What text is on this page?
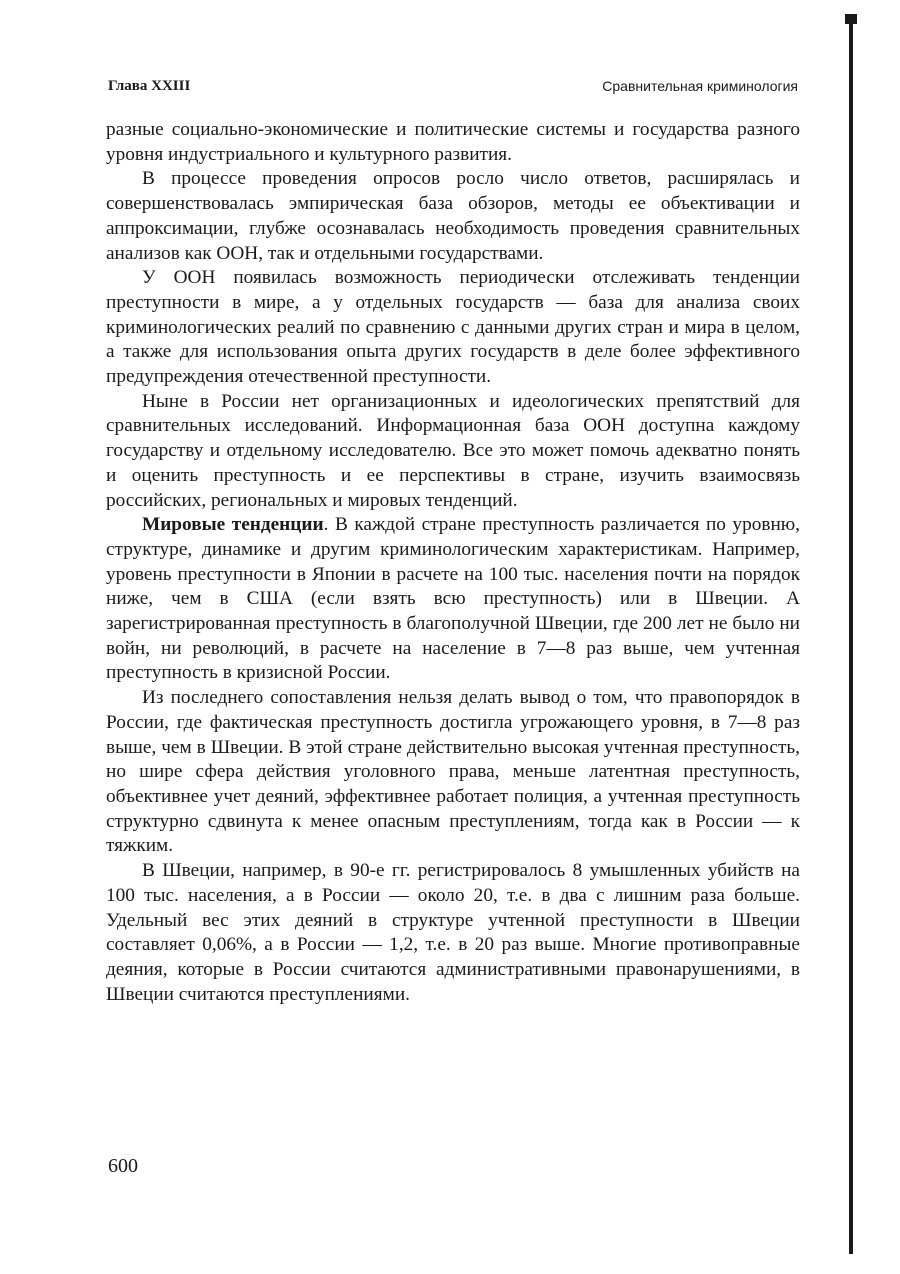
Глава XXIII	Сравнительная криминология

разные социально-экономические и политические системы и государства разного уровня индустриального и культурного развития.

В процессе проведения опросов росло число ответов, расширялась и совершенствовалась эмпирическая база обзоров, методы ее объективации и аппроксимации, глубже осознавалась необходимость проведения сравнительных анализов как ООН, так и отдельными государствами.

У ООН появилась возможность периодически отслеживать тенденции преступности в мире, а у отдельных государств — база для анализа своих криминологических реалий по сравнению с данными других стран и мира в целом, а также для использования опыта других государств в деле более эффективного предупреждения отечественной преступности.

Ныне в России нет организационных и идеологических препятствий для сравнительных исследований. Информационная база ООН доступна каждому государству и отдельному исследователю. Все это может помочь адекватно понять и оценить преступность и ее перспективы в стране, изучить взаимосвязь российских, региональных и мировых тенденций.

Мировые тенденции. В каждой стране преступность различается по уровню, структуре, динамике и другим криминологическим характеристикам. Например, уровень преступности в Японии в расчете на 100 тыс. населения почти на порядок ниже, чем в США (если взять всю преступность) или в Швеции. А зарегистрированная преступность в благополучной Швеции, где 200 лет не было ни войн, ни революций, в расчете на население в 7—8 раз выше, чем учтенная преступность в кризисной России.

Из последнего сопоставления нельзя делать вывод о том, что правопорядок в России, где фактическая преступность достигла угрожающего уровня, в 7—8 раз выше, чем в Швеции. В этой стране действительно высокая учтенная преступность, но шире сфера действия уголовного права, меньше латентная преступность, объективнее учет деяний, эффективнее работает полиция, а учтенная преступность структурно сдвинута к менее опасным преступлениям, тогда как в России — к тяжким.

В Швеции, например, в 90-е гг. регистрировалось 8 умышленных убийств на 100 тыс. населения, а в России — около 20, т.е. в два с лишним раза больше. Удельный вес этих деяний в структуре учтенной преступности в Швеции составляет 0,06%, а в России — 1,2, т.е. в 20 раз выше. Многие противоправные деяния, которые в России считаются административными правонарушениями, в Швеции считаются преступлениями.

600
